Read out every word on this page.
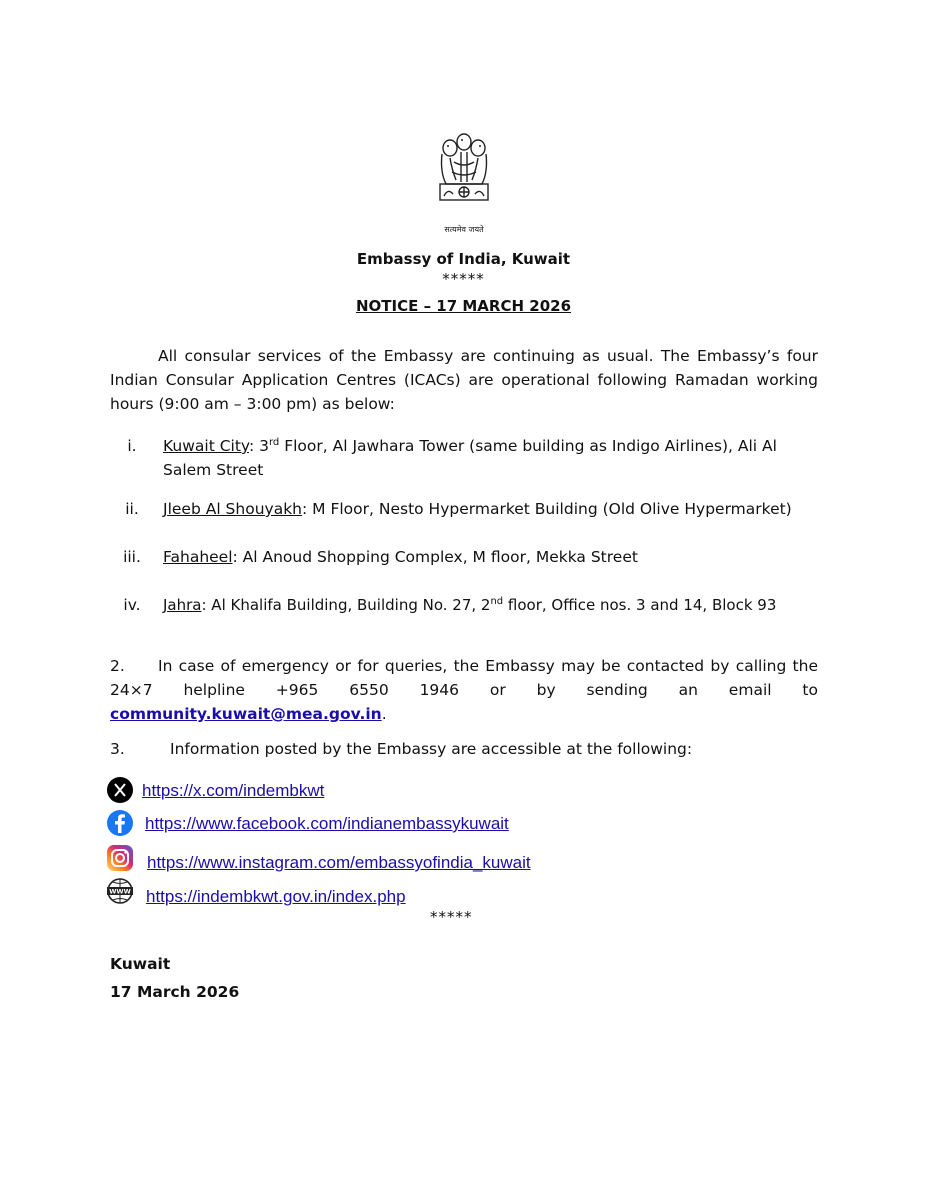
सत्यमेव जयते
Embassy of India, Kuwait
*****
NOTICE – 17 MARCH 2026
All consular services of the Embassy are continuing as usual. The Embassy’s four Indian Consular Application Centres (ICACs) are operational following Ramadan working hours (9:00 am – 3:00 pm) as below:
i.	Kuwait City: 3rd Floor, Al Jawhara Tower (same building as Indigo Airlines), Ali Al Salem Street
ii.	Jleeb Al Shouyakh: M Floor, Nesto Hypermarket Building (Old Olive Hypermarket)
iii.	Fahaheel: Al Anoud Shopping Complex, M floor, Mekka Street
iv.	Jahra: Al Khalifa Building, Building No. 27, 2nd floor, Office nos. 3 and 14, Block 93
2.	In case of emergency or for queries, the Embassy may be contacted by calling the 24×7 helpline +965 6550 1946 or by sending an email to community.kuwait@mea.gov.in.
3.	Information posted by the Embassy are accessible at the following:
https://x.com/indembkwt
https://www.facebook.com/indianembassykuwait
https://www.instagram.com/embassyofindia_kuwait
WWW https://indembkwt.gov.in/index.php
*****
Kuwait
17 March 2026
